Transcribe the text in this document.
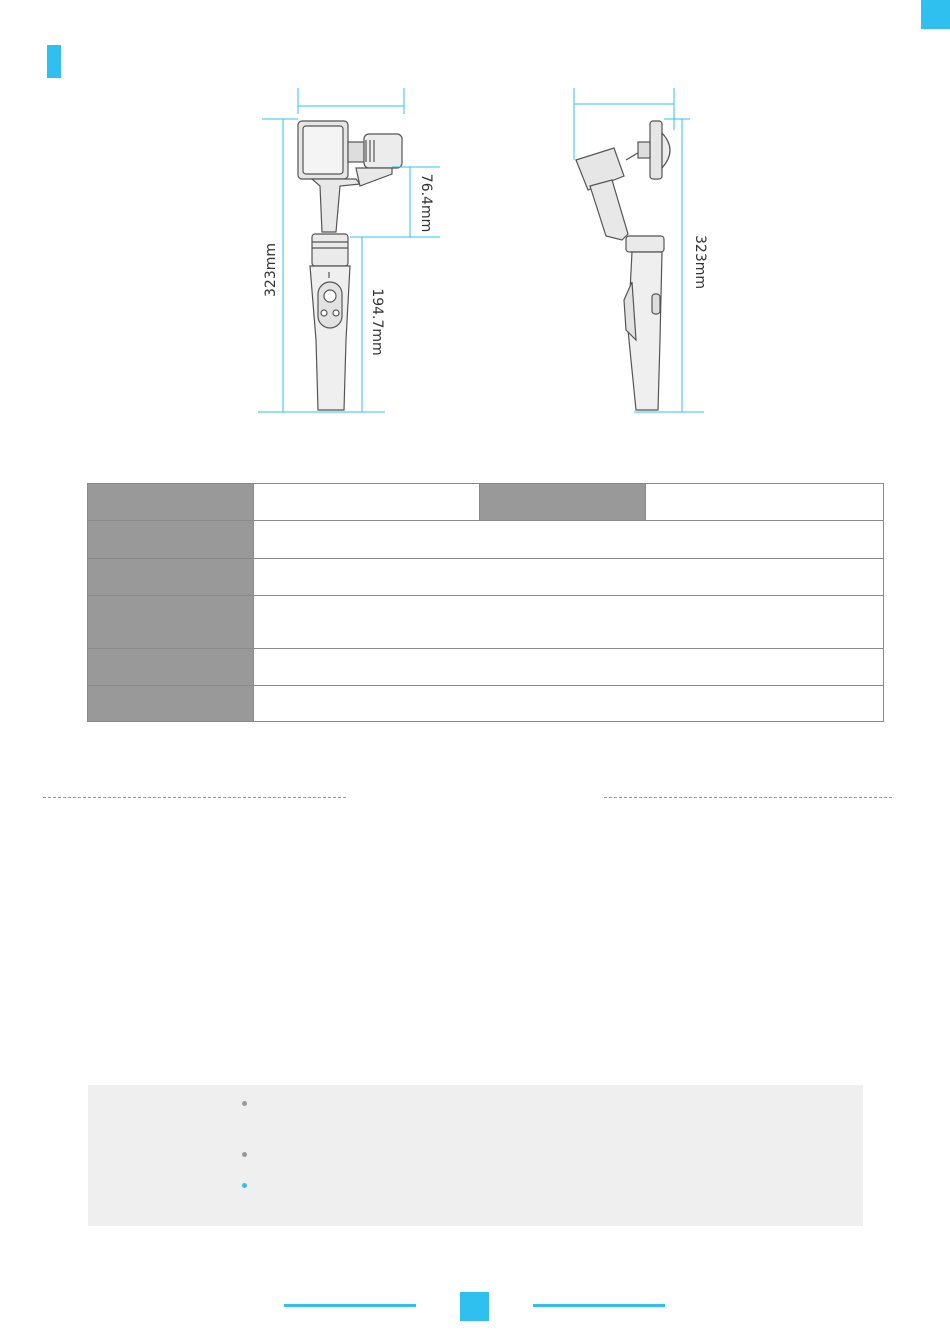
323mm
76.4mm
194.7mm
323mm
